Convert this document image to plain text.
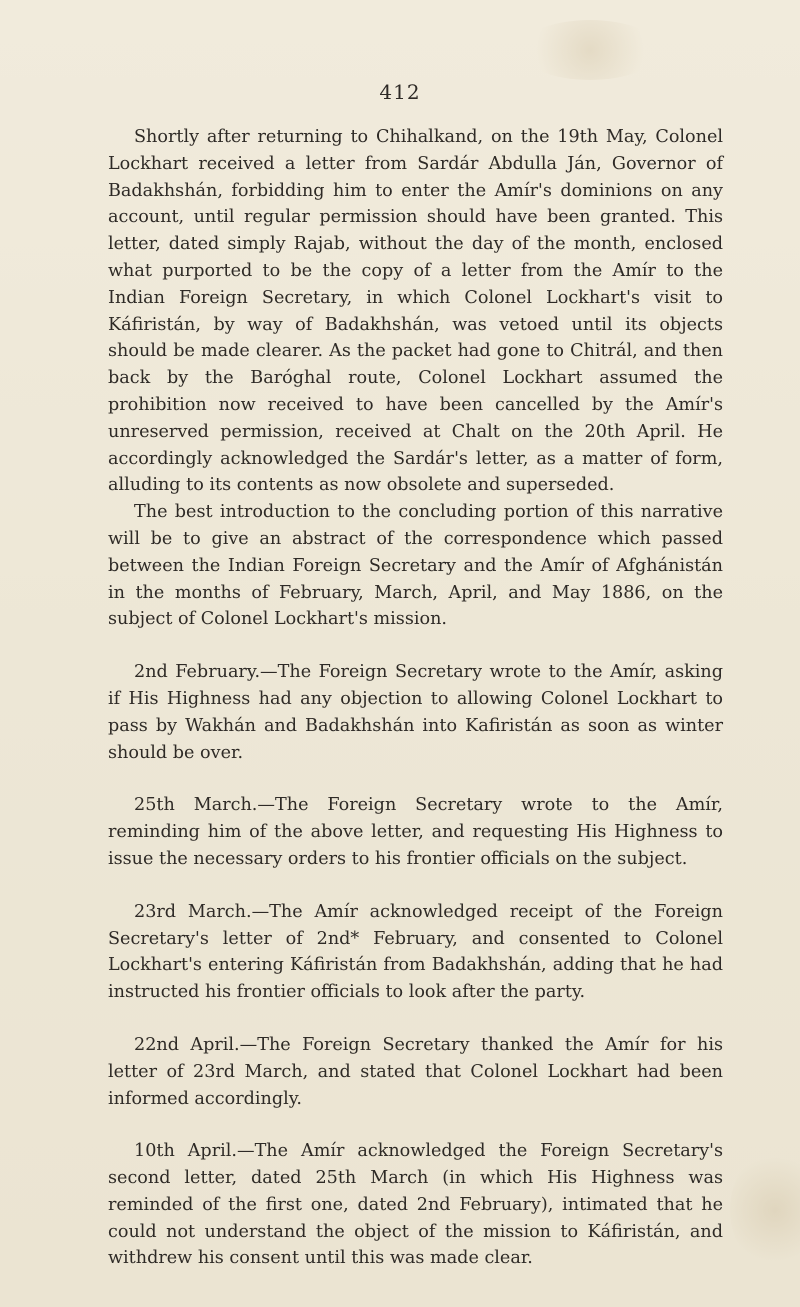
412

Shortly after returning to Chihalkand, on the 19th May, Colonel Lockhart received a letter from Sardár Abdulla Ján, Governor of Badakhshán, forbidding him to enter the Amír's dominions on any account, until regular permission should have been granted. This letter, dated simply Rajab, without the day of the month, enclosed what purported to be the copy of a letter from the Amír to the Indian Foreign Secretary, in which Colonel Lockhart's visit to Káfiristán, by way of Badakhshán, was vetoed until its objects should be made clearer. As the packet had gone to Chitrál, and then back by the Baróghal route, Colonel Lockhart assumed the prohibition now received to have been cancelled by the Amír's unreserved permission, received at Chalt on the 20th April. He accordingly acknowledged the Sardár's letter, as a matter of form, alluding to its contents as now obsolete and superseded.

The best introduction to the concluding portion of this narrative will be to give an abstract of the correspondence which passed between the Indian Foreign Secretary and the Amír of Afghánistán in the months of February, March, April, and May 1886, on the subject of Colonel Lockhart's mission.

2nd February.—The Foreign Secretary wrote to the Amír, asking if His Highness had any objection to allowing Colonel Lockhart to pass by Wakhán and Badakhshán into Kafiristán as soon as winter should be over.

25th March.—The Foreign Secretary wrote to the Amír, reminding him of the above letter, and requesting His Highness to issue the necessary orders to his frontier officials on the subject.

23rd March.—The Amír acknowledged receipt of the Foreign Secretary's letter of 2nd* February, and consented to Colonel Lockhart's entering Káfiristán from Badakhshán, adding that he had instructed his frontier officials to look after the party.

22nd April.—The Foreign Secretary thanked the Amír for his letter of 23rd March, and stated that Colonel Lockhart had been informed accordingly.

10th April.—The Amír acknowledged the Foreign Secretary's second letter, dated 25th March (in which His Highness was reminded of the first one, dated 2nd February), intimated that he could not understand the object of the mission to Káfiristán, and withdrew his consent until this was made clear.
